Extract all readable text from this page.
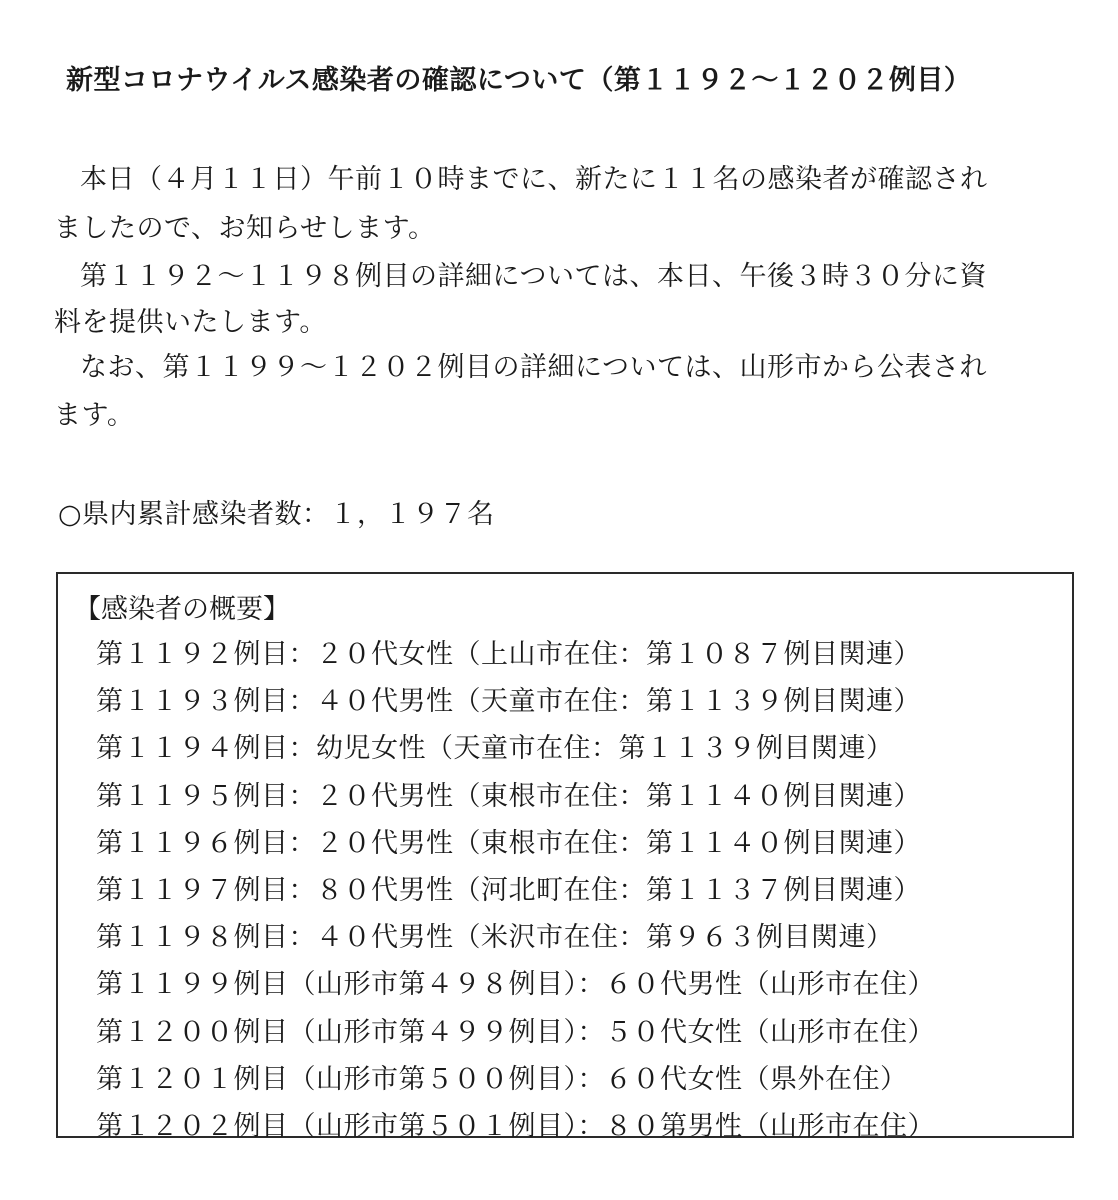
新型コロナウイルス感染者の確認について（第１１９２～１２０２例目）
本日（４月１１日）午前１０時までに、新たに１１名の感染者が確認され
ましたので、お知らせします。
第１１９２～１１９８例目の詳細については、本日、午後３時３０分に資
料を提供いたします。
なお、第１１９９～１２０２例目の詳細については、山形市から公表され
ます。
○県内累計感染者数：１，１９７名
【感染者の概要】
第１１９２例目：２０代女性（上山市在住：第１０８７例目関連）
第１１９３例目：４０代男性（天童市在住：第１１３９例目関連）
第１１９４例目：幼児女性（天童市在住：第１１３９例目関連）
第１１９５例目：２０代男性（東根市在住：第１１４０例目関連）
第１１９６例目：２０代男性（東根市在住：第１１４０例目関連）
第１１９７例目：８０代男性（河北町在住：第１１３７例目関連）
第１１９８例目：４０代男性（米沢市在住：第９６３例目関連）
第１１９９例目（山形市第４９８例目）：６０代男性（山形市在住）
第１２００例目（山形市第４９９例目）：５０代女性（山形市在住）
第１２０１例目（山形市第５００例目）：６０代女性（県外在住）
第１２０２例目（山形市第５０１例目）：８０第男性（山形市在住）
